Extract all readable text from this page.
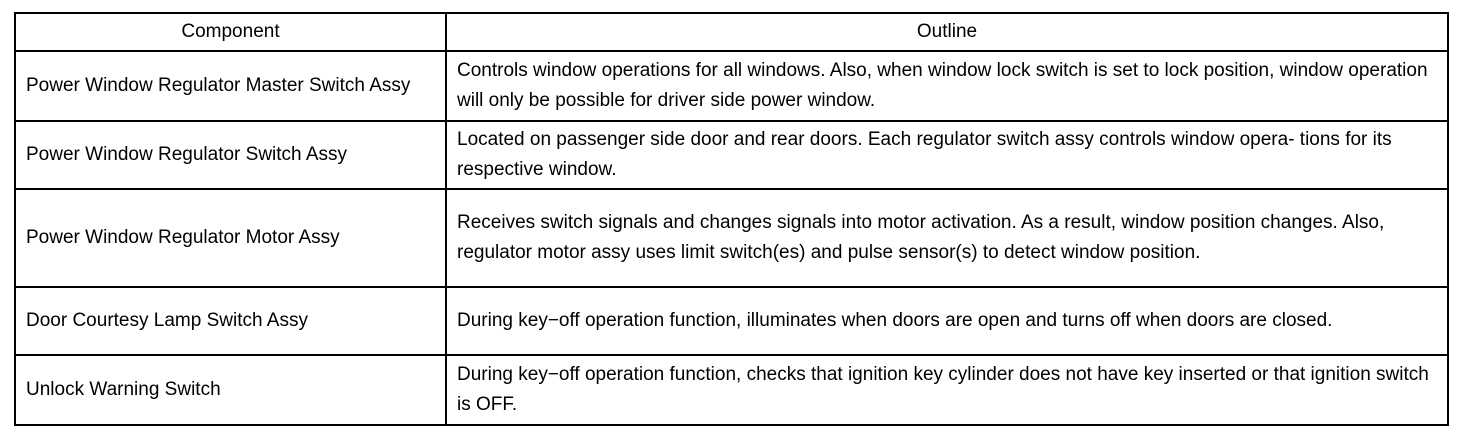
Component	Outline
Power Window Regulator Master Switch Assy	Controls window operations for all windows. Also, when window lock switch is set to lock position, window operation will only be possible for driver side power window.
Power Window Regulator Switch Assy	Located on passenger side door and rear doors. Each regulator switch assy controls window opera- tions for its respective window.
Power Window Regulator Motor Assy	Receives switch signals and changes signals into motor activation. As a result, window position changes. Also, regulator motor assy uses limit switch(es) and pulse sensor(s) to detect window position.
Door Courtesy Lamp Switch Assy	During key−off operation function, illuminates when doors are open and turns off when doors are closed.
Unlock Warning Switch	During key−off operation function, checks that ignition key cylinder does not have key inserted or that ignition switch is OFF.
